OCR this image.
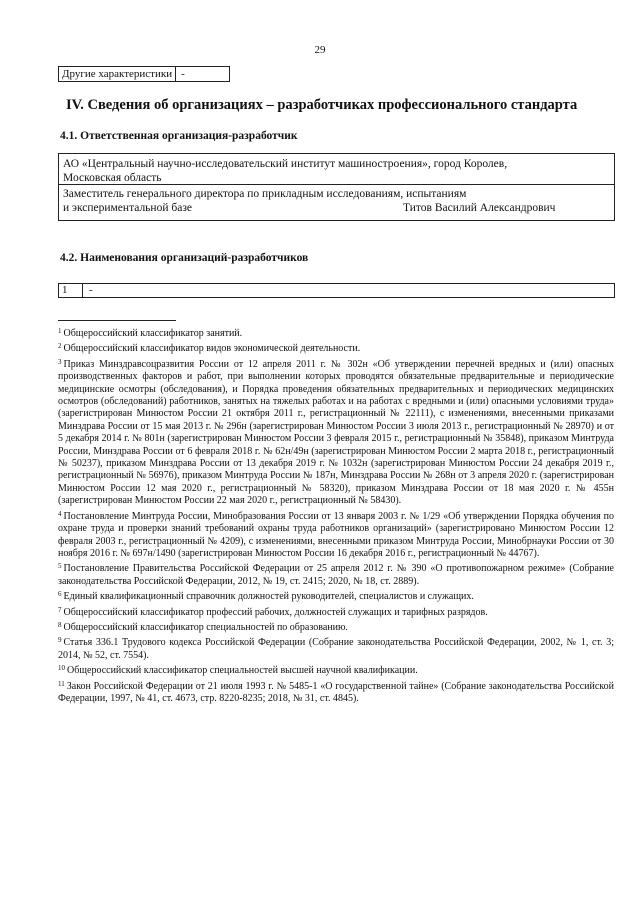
29
Другие характеристики -
IV. Сведения об организациях – разработчиках профессионального стандарта
4.1. Ответственная организация-разработчик
АО «Центральный научно-исследовательский институт машиностроения», город Королев,
Московская область
Заместитель генерального директора по прикладным исследованиям, испытаниям
и экспериментальной базе	Титов Василий Александрович
4.2. Наименования организаций-разработчиков
1	-

$^1$ Общероссийский классификатор занятий.

$^2$ Общероссийский классификатор видов экономической деятельности.

$^3$ Приказ Минздравсоцразвития России от 12 апреля 2011 г. № 302н «Об утверждении перечней вредных и (или) опасных производственных факторов и работ, при выполнении которых проводятся обязательные предварительные и периодические медицинские осмотры (обследования), и Порядка проведения обязательных предварительных и периодических медицинских осмотров (обследований) работников, занятых на тяжелых работах и на работах с вредными и (или) опасными условиями труда» (зарегистрирован Минюстом России 21 октября 2011 г., регистрационный № 22111), с изменениями, внесенными приказами Минздрава России от 15 мая 2013 г. № 296н (зарегистрирован Минюстом России 3 июля 2013 г., регистрационный № 28970) и от 5 декабря 2014 г. № 801н (зарегистрирован Минюстом России 3 февраля 2015 г., регистрационный № 35848), приказом Минтруда России, Минздрава России от 6 февраля 2018 г. № 62н/49н (зарегистрирован Минюстом России 2 марта 2018 г., регистрационный № 50237), приказом Минздрава России от 13 декабря 2019 г. № 1032н (зарегистрирован Минюстом России 24 декабря 2019 г., регистрационный № 56976), приказом Минтруда России № 187н, Минздрава России № 268н от 3 апреля 2020 г. (зарегистрирован Минюстом России 12 мая 2020 г., регистрационный № 58320), приказом Минздрава России от 18 мая 2020 г. № 455н (зарегистрирован Минюстом России 22 мая 2020 г., регистрационный № 58430).

$^4$ Постановление Минтруда России, Минобразования России от 13 января 2003 г. № 1/29 «Об утверждении Порядка обучения по охране труда и проверки знаний требований охраны труда работников организаций» (зарегистрировано Минюстом России 12 февраля 2003 г., регистрационный № 4209), с изменениями, внесенными приказом Минтруда России, Минобрнауки России от 30 ноября 2016 г. № 697н/1490 (зарегистрирован Минюстом России 16 декабря 2016 г., регистрационный № 44767).

$^5$ Постановление Правительства Российской Федерации от 25 апреля 2012 г. № 390 «О противопожарном режиме» (Собрание законодательства Российской Федерации, 2012, № 19, ст. 2415; 2020, № 18, ст. 2889).

$^6$ Единый квалификационный справочник должностей руководителей, специалистов и служащих.

$^7$ Общероссийский классификатор профессий рабочих, должностей служащих и тарифных разрядов.

$^8$ Общероссийский классификатор специальностей по образованию.

$^9$ Статья 336.1 Трудового кодекса Российской Федерации (Собрание законодательства Российской Федерации, 2002, № 1, ст. 3; 2014, № 52, ст. 7554).

$^{10}$ Общероссийский классификатор специальностей высшей научной квалификации.

$^{11}$ Закон Российской Федерации от 21 июля 1993 г. № 5485-1 «О государственной тайне» (Собрание законодательства Российской Федерации, 1997, № 41, ст. 4673, стр. 8220-8235; 2018, № 31, ст. 4845).
